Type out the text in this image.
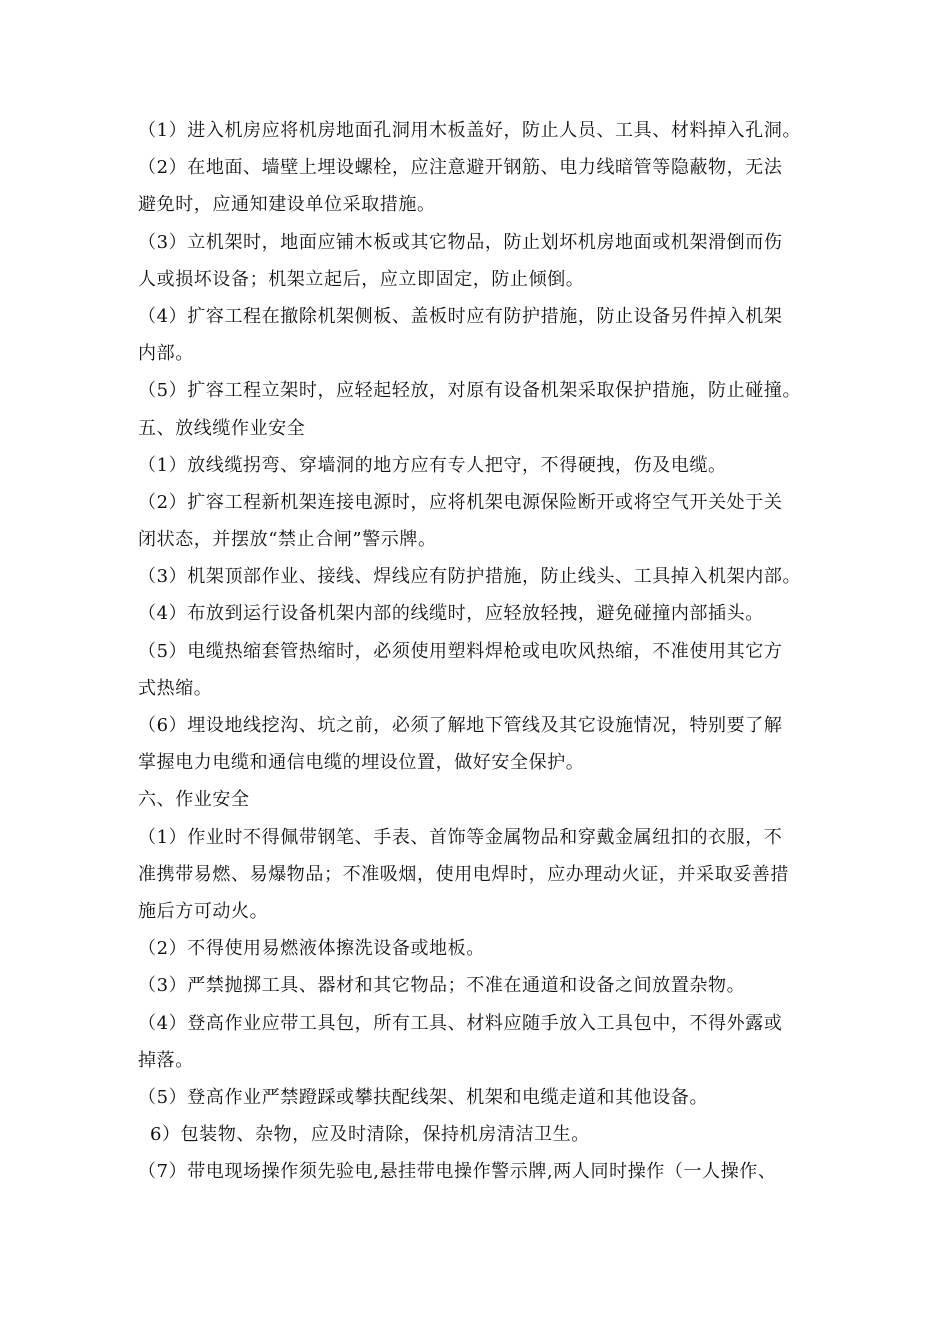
（1）进入机房应将机房地面孔洞用木板盖好，防止人员、工具、材料掉入孔洞。
（2）在地面、墙壁上埋设螺栓，应注意避开钢筋、电力线暗管等隐蔽物，无法
避免时，应通知建设单位采取措施。
（3）立机架时，地面应铺木板或其它物品，防止划坏机房地面或机架滑倒而伤
人或损坏设备；机架立起后，应立即固定，防止倾倒。
（4）扩容工程在撤除机架侧板、盖板时应有防护措施，防止设备另件掉入机架
内部。
（5）扩容工程立架时，应轻起轻放，对原有设备机架采取保护措施，防止碰撞。
五、放线缆作业安全
（1）放线缆拐弯、穿墙洞的地方应有专人把守，不得硬拽，伤及电缆。
（2）扩容工程新机架连接电源时，应将机架电源保险断开或将空气开关处于关
闭状态，并摆放“禁止合闸”警示牌。
（3）机架顶部作业、接线、焊线应有防护措施，防止线头、工具掉入机架内部。
（4）布放到运行设备机架内部的线缆时，应轻放轻拽，避免碰撞内部插头。
（5）电缆热缩套管热缩时，必须使用塑料焊枪或电吹风热缩，不准使用其它方
式热缩。
（6）埋设地线挖沟、坑之前，必须了解地下管线及其它设施情况，特别要了解
掌握电力电缆和通信电缆的埋设位置，做好安全保护。
六、作业安全
（1）作业时不得佩带钢笔、手表、首饰等金属物品和穿戴金属纽扣的衣服，不
准携带易燃、易爆物品；不准吸烟，使用电焊时，应办理动火证，并采取妥善措
施后方可动火。
（2）不得使用易燃液体擦洗设备或地板。
（3）严禁抛掷工具、器材和其它物品；不准在通道和设备之间放置杂物。
（4）登高作业应带工具包，所有工具、材料应随手放入工具包中，不得外露或
掉落。
（5）登高作业严禁蹬踩或攀扶配线架、机架和电缆走道和其他设备。
6）包装物、杂物，应及时清除，保持机房清洁卫生。
（7）带电现场操作须先验电,悬挂带电操作警示牌,两人同时操作（一人操作、
